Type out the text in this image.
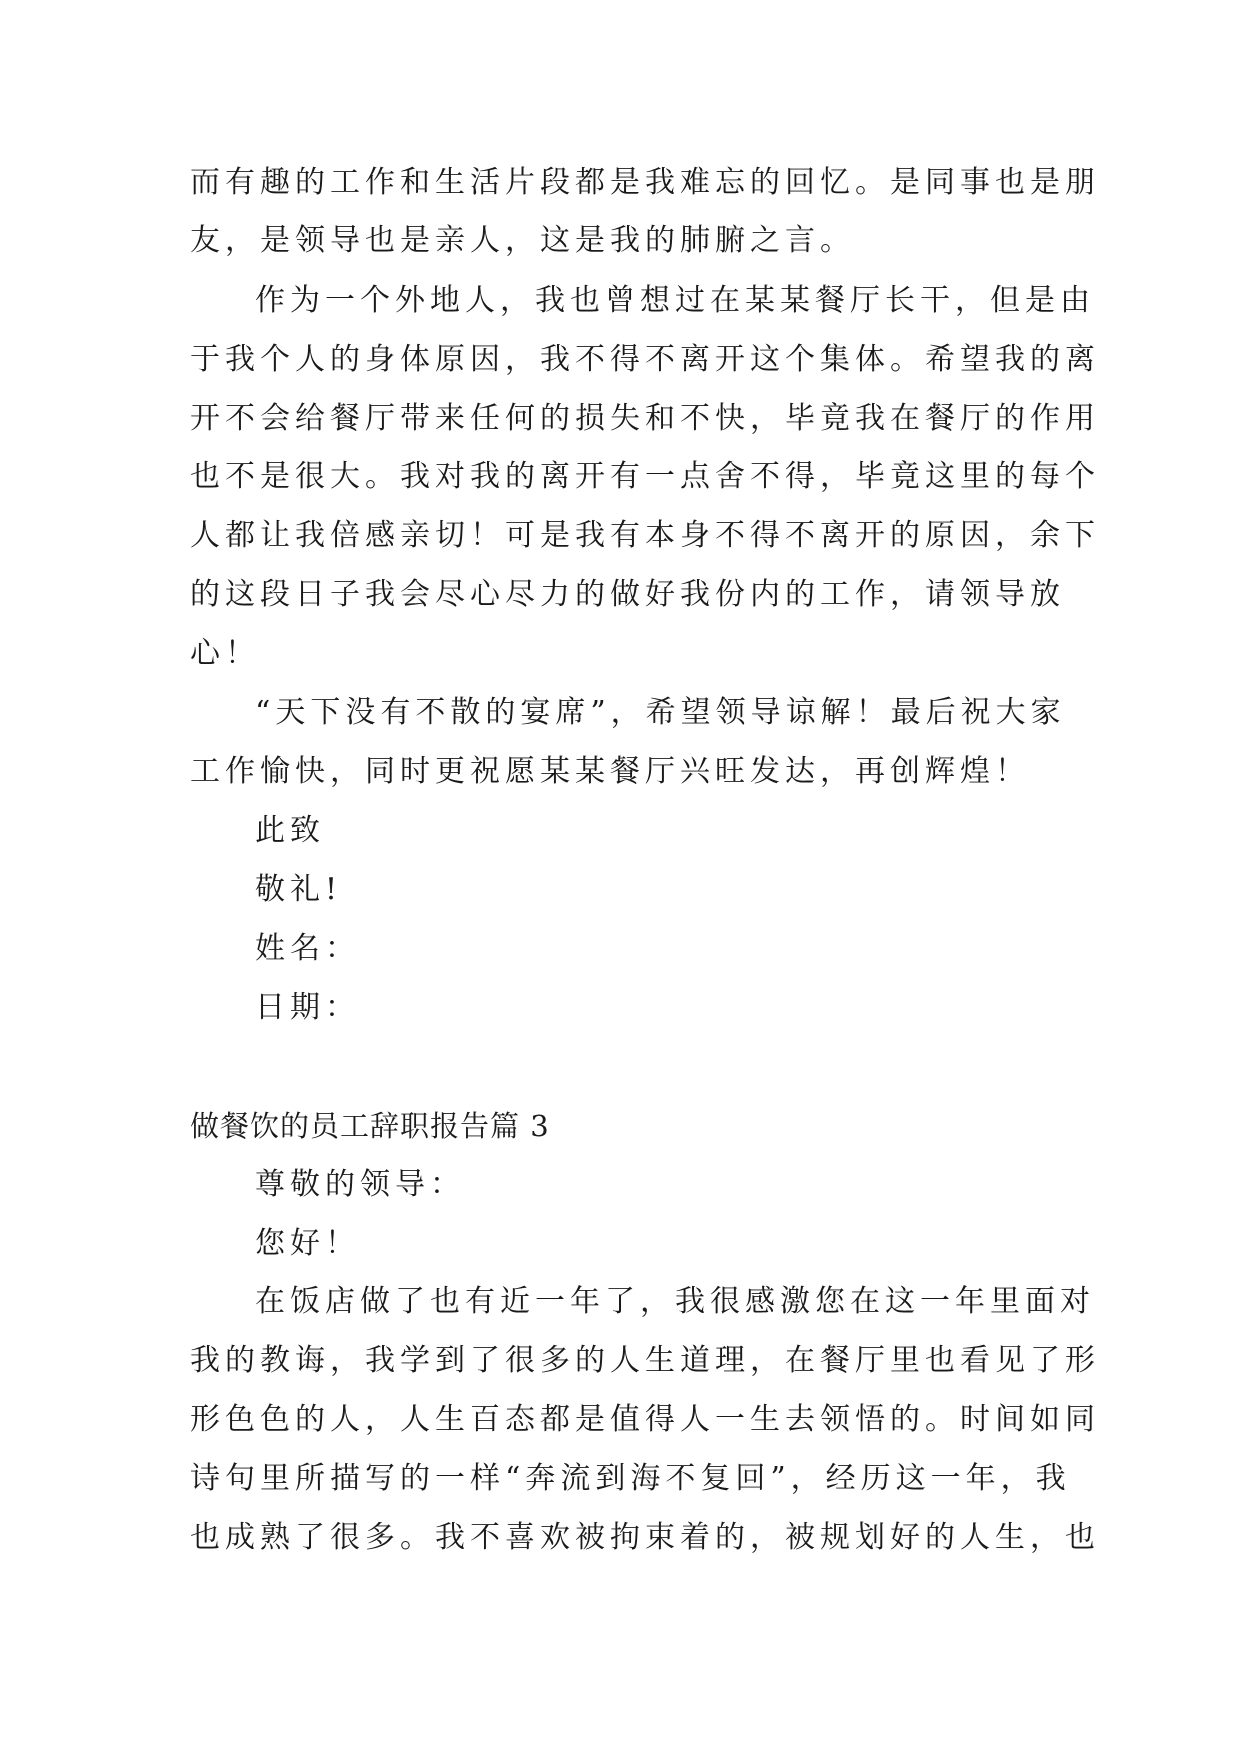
而有趣的工作和生活片段都是我难忘的回忆。是同事也是朋
友，是领导也是亲人，这是我的肺腑之言。
作为一个外地人，我也曾想过在某某餐厅长干，但是由
于我个人的身体原因，我不得不离开这个集体。希望我的离
开不会给餐厅带来任何的损失和不快，毕竟我在餐厅的作用
也不是很大。我对我的离开有一点舍不得，毕竟这里的每个
人都让我倍感亲切！可是我有本身不得不离开的原因，余下
的这段日子我会尽心尽力的做好我份内的工作，请领导放
心！
“天下没有不散的宴席”，希望领导谅解！最后祝大家
工作愉快，同时更祝愿某某餐厅兴旺发达，再创辉煌！
此致
敬礼!
姓名：
日期：
做餐饮的员工辞职报告篇 3
尊敬的领导：
您好！
在饭店做了也有近一年了，我很感激您在这一年里面对
我的教诲，我学到了很多的人生道理，在餐厅里也看见了形
形色色的人，人生百态都是值得人一生去领悟的。时间如同
诗句里所描写的一样“奔流到海不复回”，经历这一年，我
也成熟了很多。我不喜欢被拘束着的，被规划好的人生，也
